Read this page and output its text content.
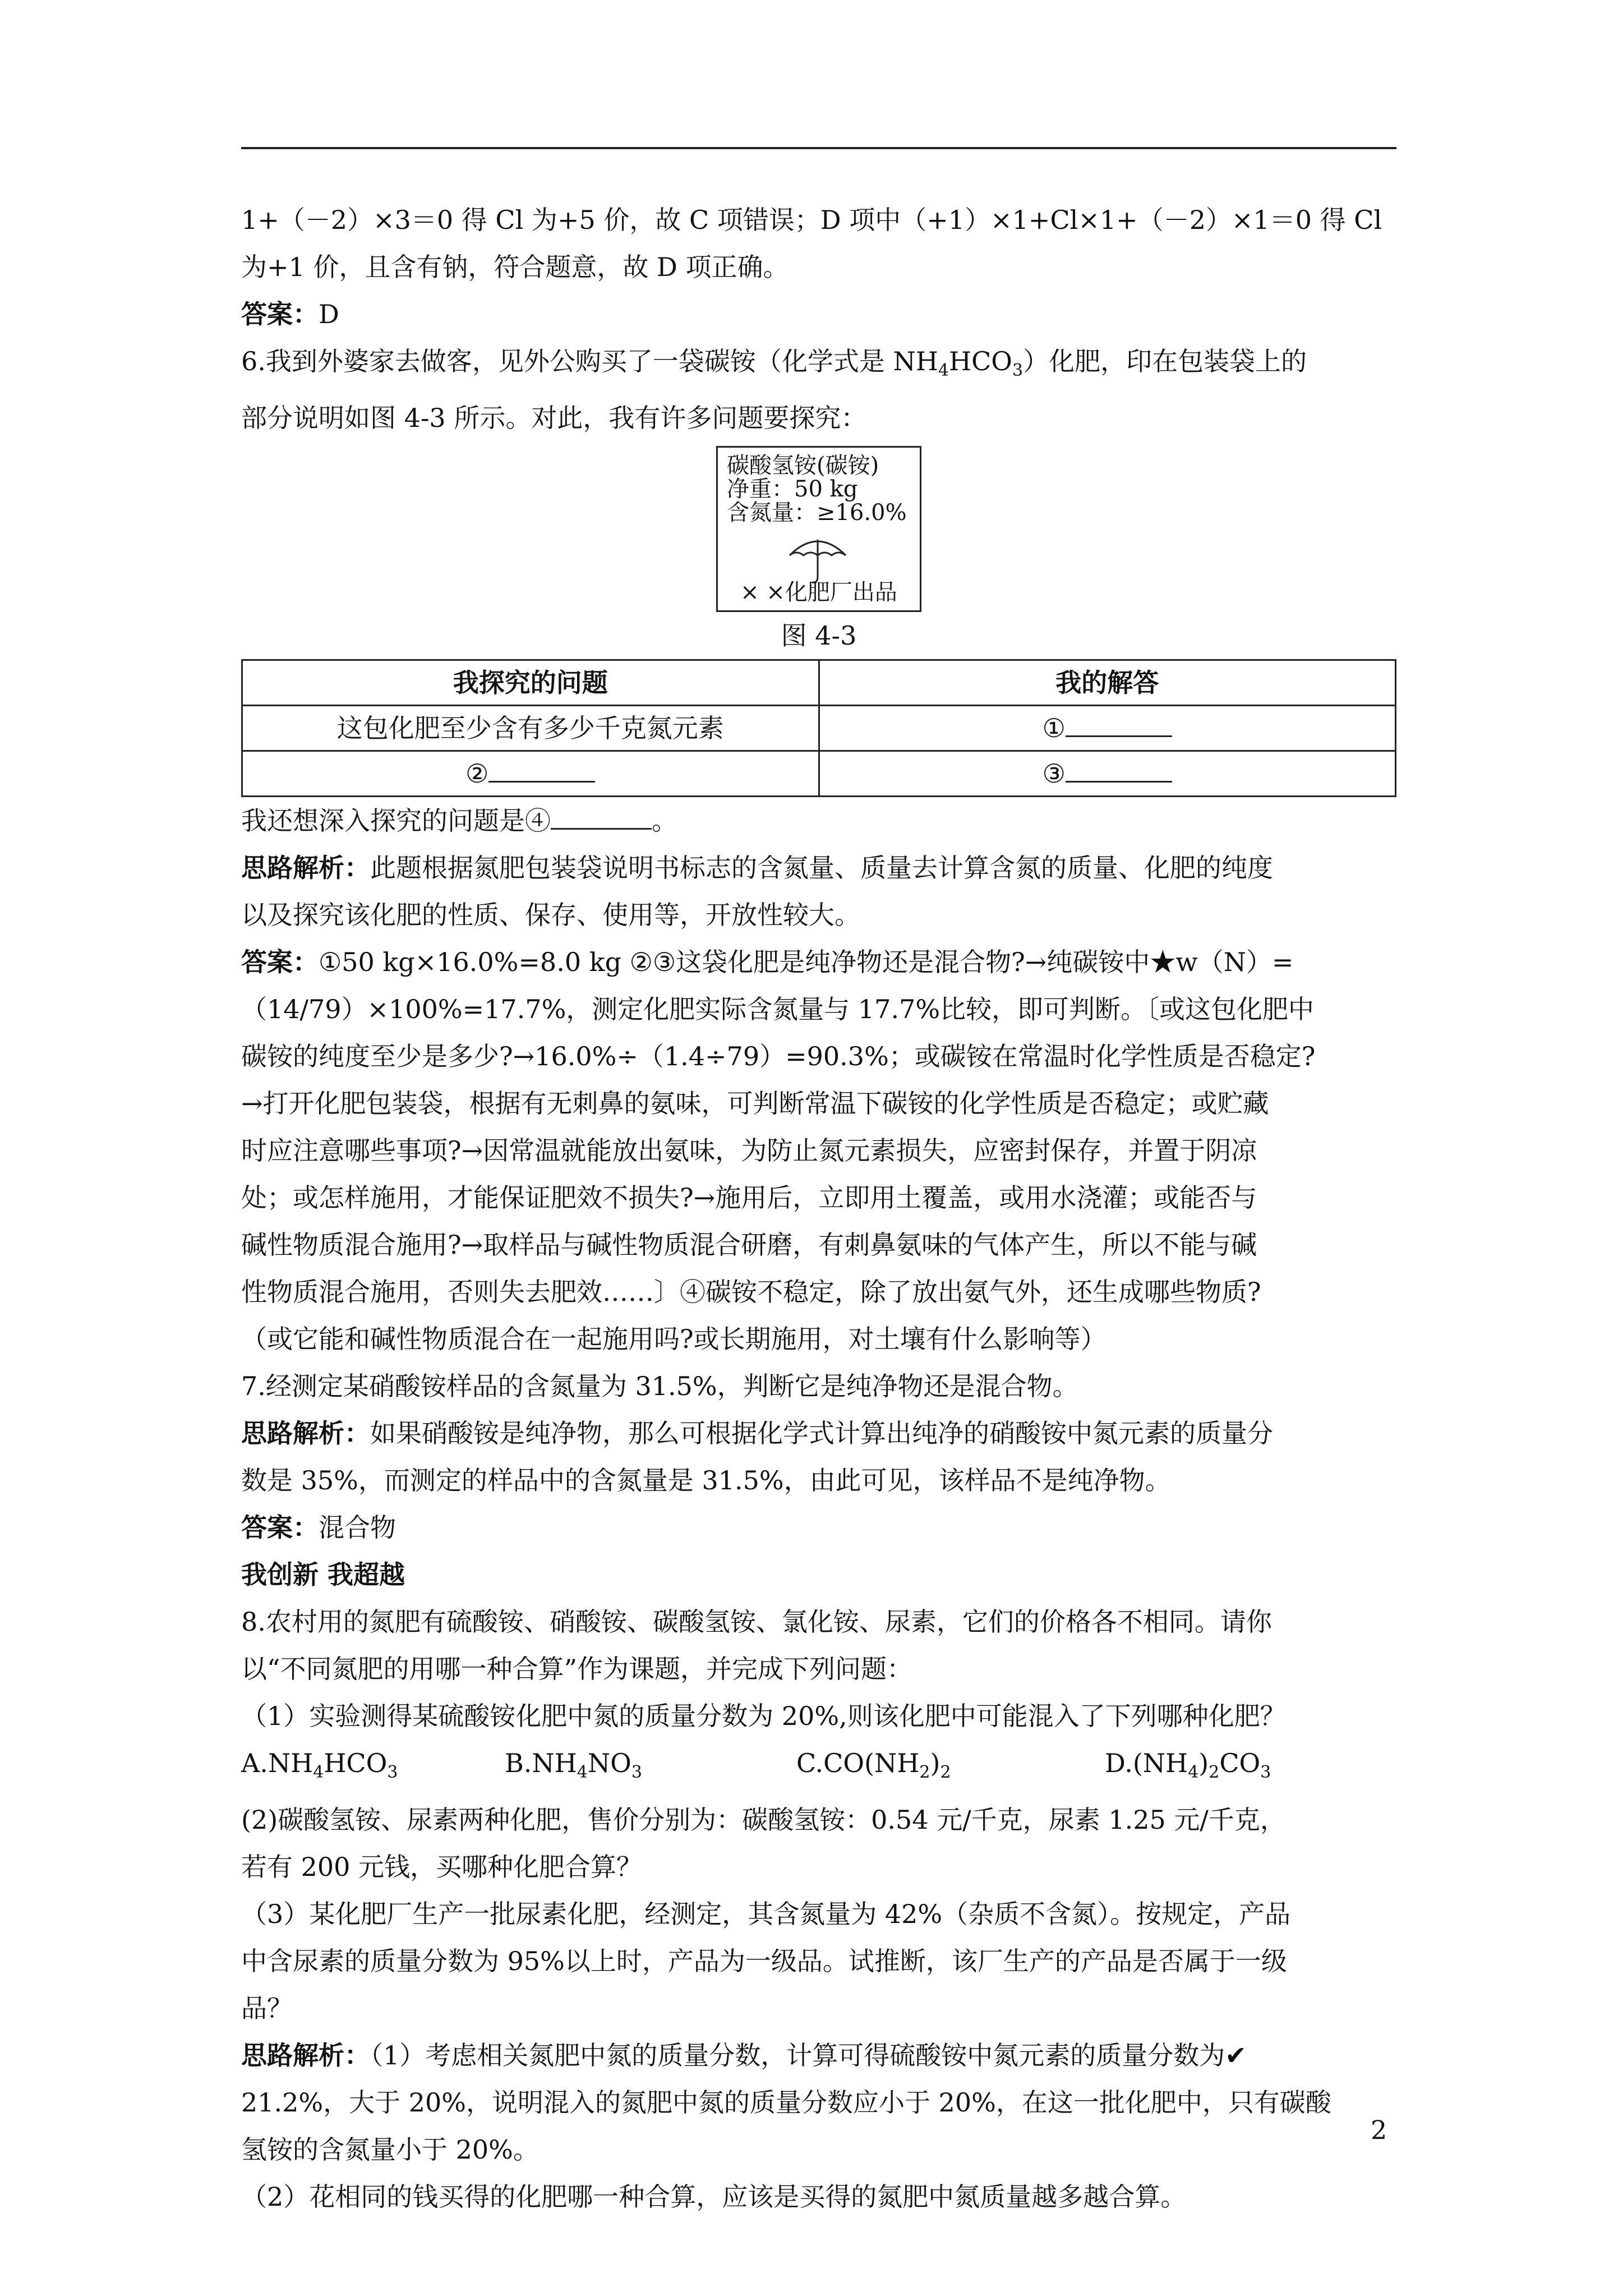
1+（－2）×3＝0 得 Cl 为+5 价，故 C 项错误；D 项中（+1）×1+Cl×1+（－2）×1＝0 得 Cl

为+1 价，且含有钠，符合题意，故 D 项正确。

答案：D

6.我到外婆家去做客，见外公购买了一袋碳铵（化学式是 $NH_4HCO_3$）化肥，印在包装袋上的

部分说明如图 4-3 所示。对此，我有许多问题要探究：

碳酸氢铵(碳铵)
净重：50 kg
含氮量：≥16.0%
× ×化肥厂出品

图 4-3

我探究的问题	我的解答
这包化肥至少含有多少千克氮元素	①
②	③

我还想深入探究的问题是④	。

思路解析：此题根据氮肥包装袋说明书标志的含氮量、质量去计算含氮的质量、化肥的纯度

以及探究该化肥的性质、保存、使用等，开放性较大。

答案：①50 kg×16.0%=8.0 kg ②③这袋化肥是纯净物还是混合物?→纯碳铵中★w（N）=

（14/79）×100%=17.7%，测定化肥实际含氮量与 17.7%比较，即可判断。〔或这包化肥中

碳铵的纯度至少是多少?→16.0%÷（1.4÷79）=90.3%；或碳铵在常温时化学性质是否稳定?

→打开化肥包装袋，根据有无刺鼻的氨味，可判断常温下碳铵的化学性质是否稳定；或贮藏

时应注意哪些事项?→因常温就能放出氨味，为防止氮元素损失，应密封保存，并置于阴凉

处；或怎样施用，才能保证肥效不损失?→施用后，立即用土覆盖，或用水浇灌；或能否与

碱性物质混合施用?→取样品与碱性物质混合研磨，有刺鼻氨味的气体产生，所以不能与碱

性物质混合施用，否则失去肥效……〕④碳铵不稳定，除了放出氨气外，还生成哪些物质?

（或它能和碱性物质混合在一起施用吗?或长期施用，对土壤有什么影响等）

7.经测定某硝酸铵样品的含氮量为 31.5%，判断它是纯净物还是混合物。

思路解析：如果硝酸铵是纯净物，那么可根据化学式计算出纯净的硝酸铵中氮元素的质量分

数是 35%，而测定的样品中的含氮量是 31.5%，由此可见，该样品不是纯净物。

答案：混合物

我创新 我超越

8.农村用的氮肥有硫酸铵、硝酸铵、碳酸氢铵、氯化铵、尿素，它们的价格各不相同。请你

以“不同氮肥的用哪一种合算”作为课题，并完成下列问题：

（1）实验测得某硫酸铵化肥中氮的质量分数为 20%,则该化肥中可能混入了下列哪种化肥？

$A.NH_4HCO_3$	$B.NH_4NO_3$	$C.CO(NH_2)_2$	$D.(NH_4)_2CO_3$

(2)碳酸氢铵、尿素两种化肥，售价分别为：碳酸氢铵：0.54 元/千克，尿素 1.25 元/千克，

若有 200 元钱，买哪种化肥合算？

（3）某化肥厂生产一批尿素化肥，经测定，其含氮量为 42%（杂质不含氮）。按规定，产品

中含尿素的质量分数为 95%以上时，产品为一级品。试推断，该厂生产的产品是否属于一级

品？

思路解析：（1）考虑相关氮肥中氮的质量分数，计算可得硫酸铵中氮元素的质量分数为✔

21.2%，大于 20%，说明混入的氮肥中氮的质量分数应小于 20%，在这一批化肥中，只有碳酸

氢铵的含氮量小于 20%。

（2）花相同的钱买得的化肥哪一种合算，应该是买得的氮肥中氮质量越多越合算。

2
